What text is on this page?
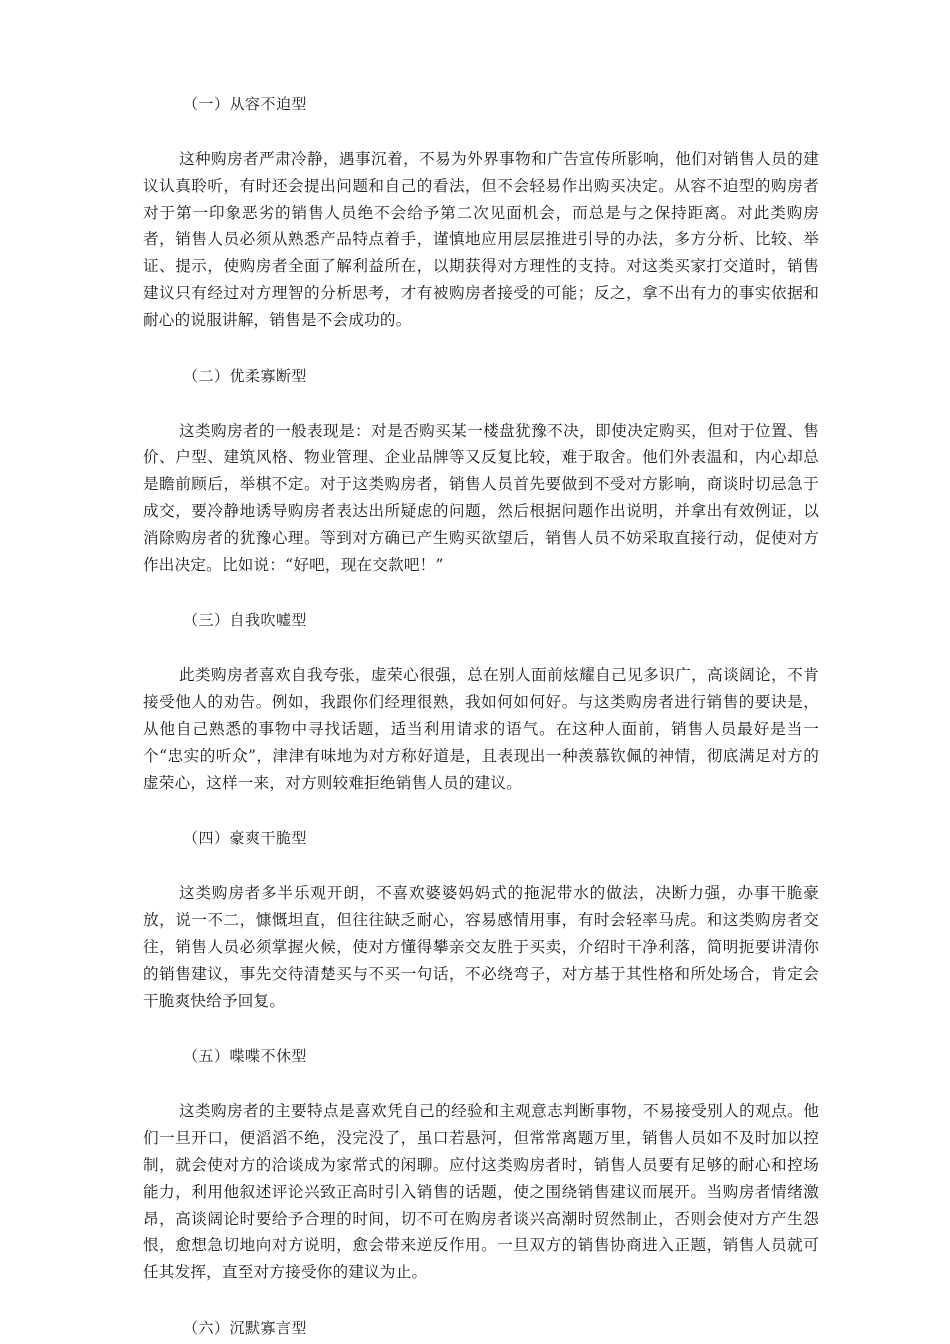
（一）从容不迫型

这种购房者严肃冷静，遇事沉着，不易为外界事物和广告宣传所影响，他们对销售人员的建议认真聆听，有时还会提出问题和自己的看法，但不会轻易作出购买决定。从容不迫型的购房者对于第一印象恶劣的销售人员绝不会给予第二次见面机会，而总是与之保持距离。对此类购房者，销售人员必须从熟悉产品特点着手，谨慎地应用层层推进引导的办法，多方分析、比较、举证、提示，使购房者全面了解利益所在，以期获得对方理性的支持。对这类买家打交道时，销售建议只有经过对方理智的分析思考，才有被购房者接受的可能；反之，拿不出有力的事实依据和耐心的说服讲解，销售是不会成功的。

（二）优柔寡断型

这类购房者的一般表现是：对是否购买某一楼盘犹豫不决，即使决定购买，但对于位置、售价、户型、建筑风格、物业管理、企业品牌等又反复比较，难于取舍。他们外表温和，内心却总是瞻前顾后，举棋不定。对于这类购房者，销售人员首先要做到不受对方影响，商谈时切忌急于成交，要冷静地诱导购房者表达出所疑虑的问题，然后根据问题作出说明，并拿出有效例证，以消除购房者的犹豫心理。等到对方确已产生购买欲望后，销售人员不妨采取直接行动，促使对方作出决定。比如说：“好吧，现在交款吧！”

（三）自我吹嘘型

此类购房者喜欢自我夸张，虚荣心很强，总在别人面前炫耀自己见多识广，高谈阔论，不肯接受他人的劝告。例如，我跟你们经理很熟，我如何如何好。与这类购房者进行销售的要诀是，从他自己熟悉的事物中寻找话题，适当利用请求的语气。在这种人面前，销售人员最好是当一个“忠实的听众”，津津有味地为对方称好道是，且表现出一种羡慕钦佩的神情，彻底满足对方的虚荣心，这样一来，对方则较难拒绝销售人员的建议。

（四）豪爽干脆型

这类购房者多半乐观开朗，不喜欢婆婆妈妈式的拖泥带水的做法，决断力强，办事干脆豪放，说一不二，慷慨坦直，但往往缺乏耐心，容易感情用事，有时会轻率马虎。和这类购房者交往，销售人员必须掌握火候，使对方懂得攀亲交友胜于买卖，介绍时干净利落，简明扼要讲清你的销售建议，事先交待清楚买与不买一句话，不必绕弯子，对方基于其性格和所处场合，肯定会干脆爽快给予回复。

（五）喋喋不休型

这类购房者的主要特点是喜欢凭自己的经验和主观意志判断事物，不易接受别人的观点。他们一旦开口，便滔滔不绝，没完没了，虽口若悬河，但常常离题万里，销售人员如不及时加以控制，就会使对方的洽谈成为家常式的闲聊。应付这类购房者时，销售人员要有足够的耐心和控场能力，利用他叙述评论兴致正高时引入销售的话题，使之围绕销售建议而展开。当购房者情绪激昂，高谈阔论时要给予合理的时间，切不可在购房者谈兴高潮时贸然制止，否则会使对方产生怨恨，愈想急切地向对方说明，愈会带来逆反作用。一旦双方的销售协商进入正题，销售人员就可任其发挥，直至对方接受你的建议为止。

（六）沉默寡言型
